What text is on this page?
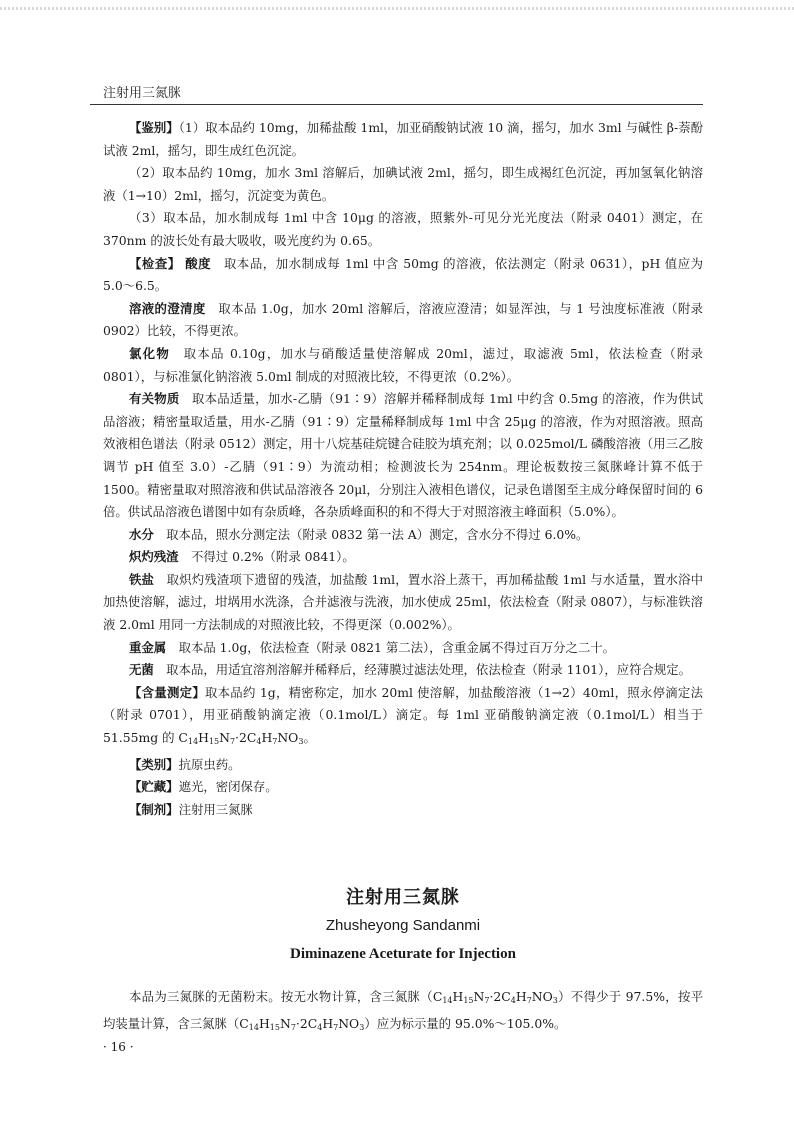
注射用三氮脒

【鉴别】（1）取本品约 10mg，加稀盐酸 1ml，加亚硝酸钠试液 10 滴，摇匀，加水 3ml 与碱性 β-萘酚试液 2ml，摇匀，即生成红色沉淀。

（2）取本品约 10mg，加水 3ml 溶解后，加碘试液 2ml，摇匀，即生成褐红色沉淀，再加氢氧化钠溶液（1→10）2ml，摇匀，沉淀变为黄色。

（3）取本品，加水制成每 1ml 中含 10μg 的溶液，照紫外-可见分光光度法（附录 0401）测定，在 370nm 的波长处有最大吸收，吸光度约为 0.65。

【检查】 酸度　 取本品，加水制成每 1ml 中含 50mg 的溶液，依法测定（附录 0631），pH 值应为 5.0～6.5。

溶液的澄清度　 取本品 1.0g，加水 20ml 溶解后，溶液应澄清；如显浑浊，与 1 号浊度标准液（附录 0902）比较，不得更浓。

氯化物　 取本品 0.10g，加水与硝酸适量使溶解成 20ml，滤过，取滤液 5ml，依法检查（附录 0801），与标准氯化钠溶液 5.0ml 制成的对照液比较，不得更浓（0.2%）。

有关物质　 取本品适量，加水-乙腈（91∶9）溶解并稀释制成每 1ml 中约含 0.5mg 的溶液，作为供试品溶液；精密量取适量，用水-乙腈（91∶9）定量稀释制成每 1ml 中含 25μg 的溶液，作为对照溶液。照高效液相色谱法（附录 0512）测定，用十八烷基硅烷键合硅胶为填充剂；以 0.025mol/L 磷酸溶液（用三乙胺调节 pH 值至 3.0）-乙腈（91∶9）为流动相；检测波长为 254nm。理论板数按三氮脒峰计算不低于 1500。精密量取对照溶液和供试品溶液各 20μl，分别注入液相色谱仪，记录色谱图至主成分峰保留时间的 6 倍。供试品溶液色谱图中如有杂质峰，各杂质峰面积的和不得大于对照溶液主峰面积（5.0%）。

水分　 取本品，照水分测定法（附录 0832 第一法 A）测定，含水分不得过 6.0%。

炽灼残渣　 不得过 0.2%（附录 0841）。

铁盐　 取炽灼残渣项下遗留的残渣，加盐酸 1ml，置水浴上蒸干，再加稀盐酸 1ml 与水适量，置水浴中加热使溶解，滤过，坩埚用水洗涤，合并滤液与洗液，加水使成 25ml，依法检查（附录 0807），与标准铁溶液 2.0ml 用同一方法制成的对照液比较，不得更深（0.002%）。

重金属　 取本品 1.0g，依法检查（附录 0821 第二法），含重金属不得过百万分之二十。

无菌　 取本品，用适宜溶剂溶解并稀释后，经薄膜过滤法处理，依法检查（附录 1101），应符合规定。

【含量测定】取本品约 1g，精密称定，加水 20ml 使溶解，加盐酸溶液（1→2）40ml，照永停滴定法（附录 0701），用亚硝酸钠滴定液（0.1mol/L）滴定。每 1ml 亚硝酸钠滴定液（0.1mol/L）相当于 51.55mg 的 $C_{14}H_{15}N_7\cdot 2C_4H_7NO_3$。

【类别】抗原虫药。

【贮藏】遮光，密闭保存。

【制剂】注射用三氮脒

注射用三氮脒
Zhusheyong Sandanmi
Diminazene Aceturate for Injection

本品为三氮脒的无菌粉末。按无水物计算，含三氮脒$(C_{14}H_{15}N_7\cdot 2C_4H_7NO_3)$不得少于 97.5%，按平均装量计算，含三氮脒$(C_{14}H_{15}N_7\cdot 2C_4H_7NO_3)$应为标示量的 95.0%～105.0%。

· 16 ·
